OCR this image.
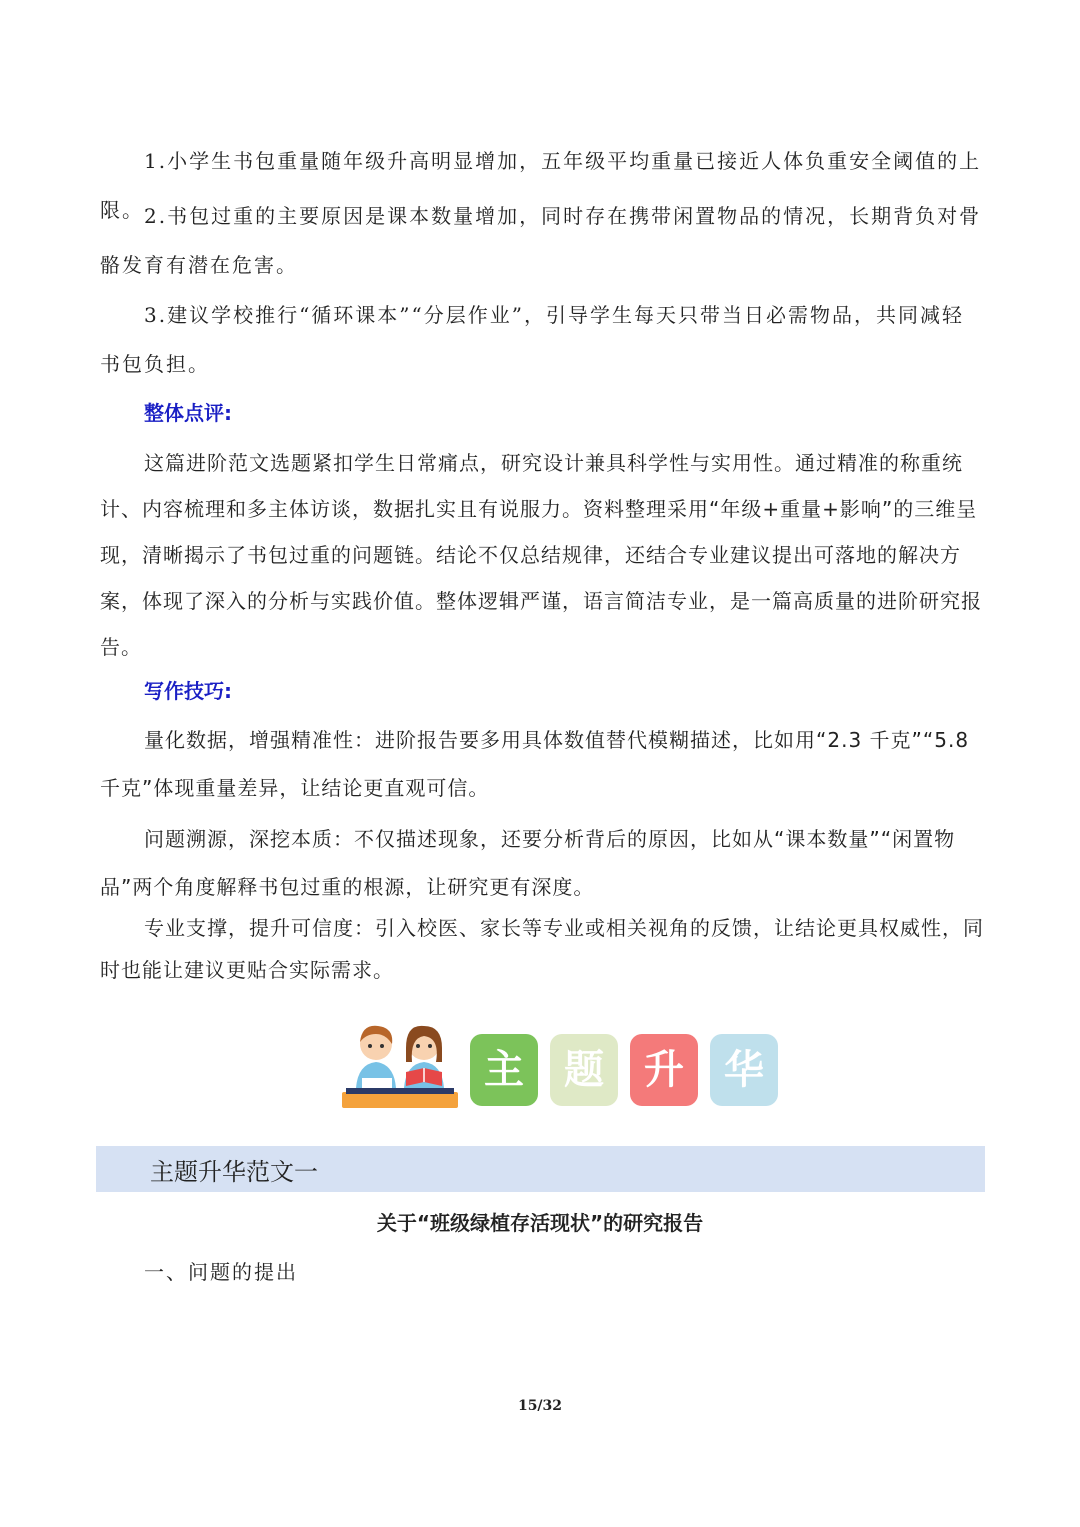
1.小学生书包重量随年级升高明显增加，五年级平均重量已接近人体负重安全阈值的上限。 2.书包过重的主要原因是课本数量增加，同时存在携带闲置物品的情况，长期背负对骨骼发育有潜在危害。

3.建议学校推行“循环课本”“分层作业”，引导学生每天只带当日必需物品，共同减轻书包负担。

整体点评:

这篇进阶范文选题紧扣学生日常痛点，研究设计兼具科学性与实用性。通过精准的称重统计、内容梳理和多主体访谈，数据扎实且有说服力。资料整理采用“年级+重量+影响”的三维呈现，清晰揭示了书包过重的问题链。结论不仅总结规律，还结合专业建议提出可落地的解决方案，体现了深入的分析与实践价值。整体逻辑严谨，语言简洁专业，是一篇高质量的进阶研究报告。

写作技巧:

量化数据，增强精准性：进阶报告要多用具体数值替代模糊描述，比如用“2.3 千克”“5.8 千克”体现重量差异，让结论更直观可信。

问题溯源，深挖本质：不仅描述现象，还要分析背后的原因，比如从“课本数量”“闲置物品”两个角度解释书包过重的根源，让研究更有深度。

专业支撑，提升可信度：引入校医、家长等专业或相关视角的反馈，让结论更具权威性，同时也能让建议更贴合实际需求。

主	题	升	华
主题升华范文一
关于“班级绿植存活现状”的研究报告
一、问题的提出
15/32
